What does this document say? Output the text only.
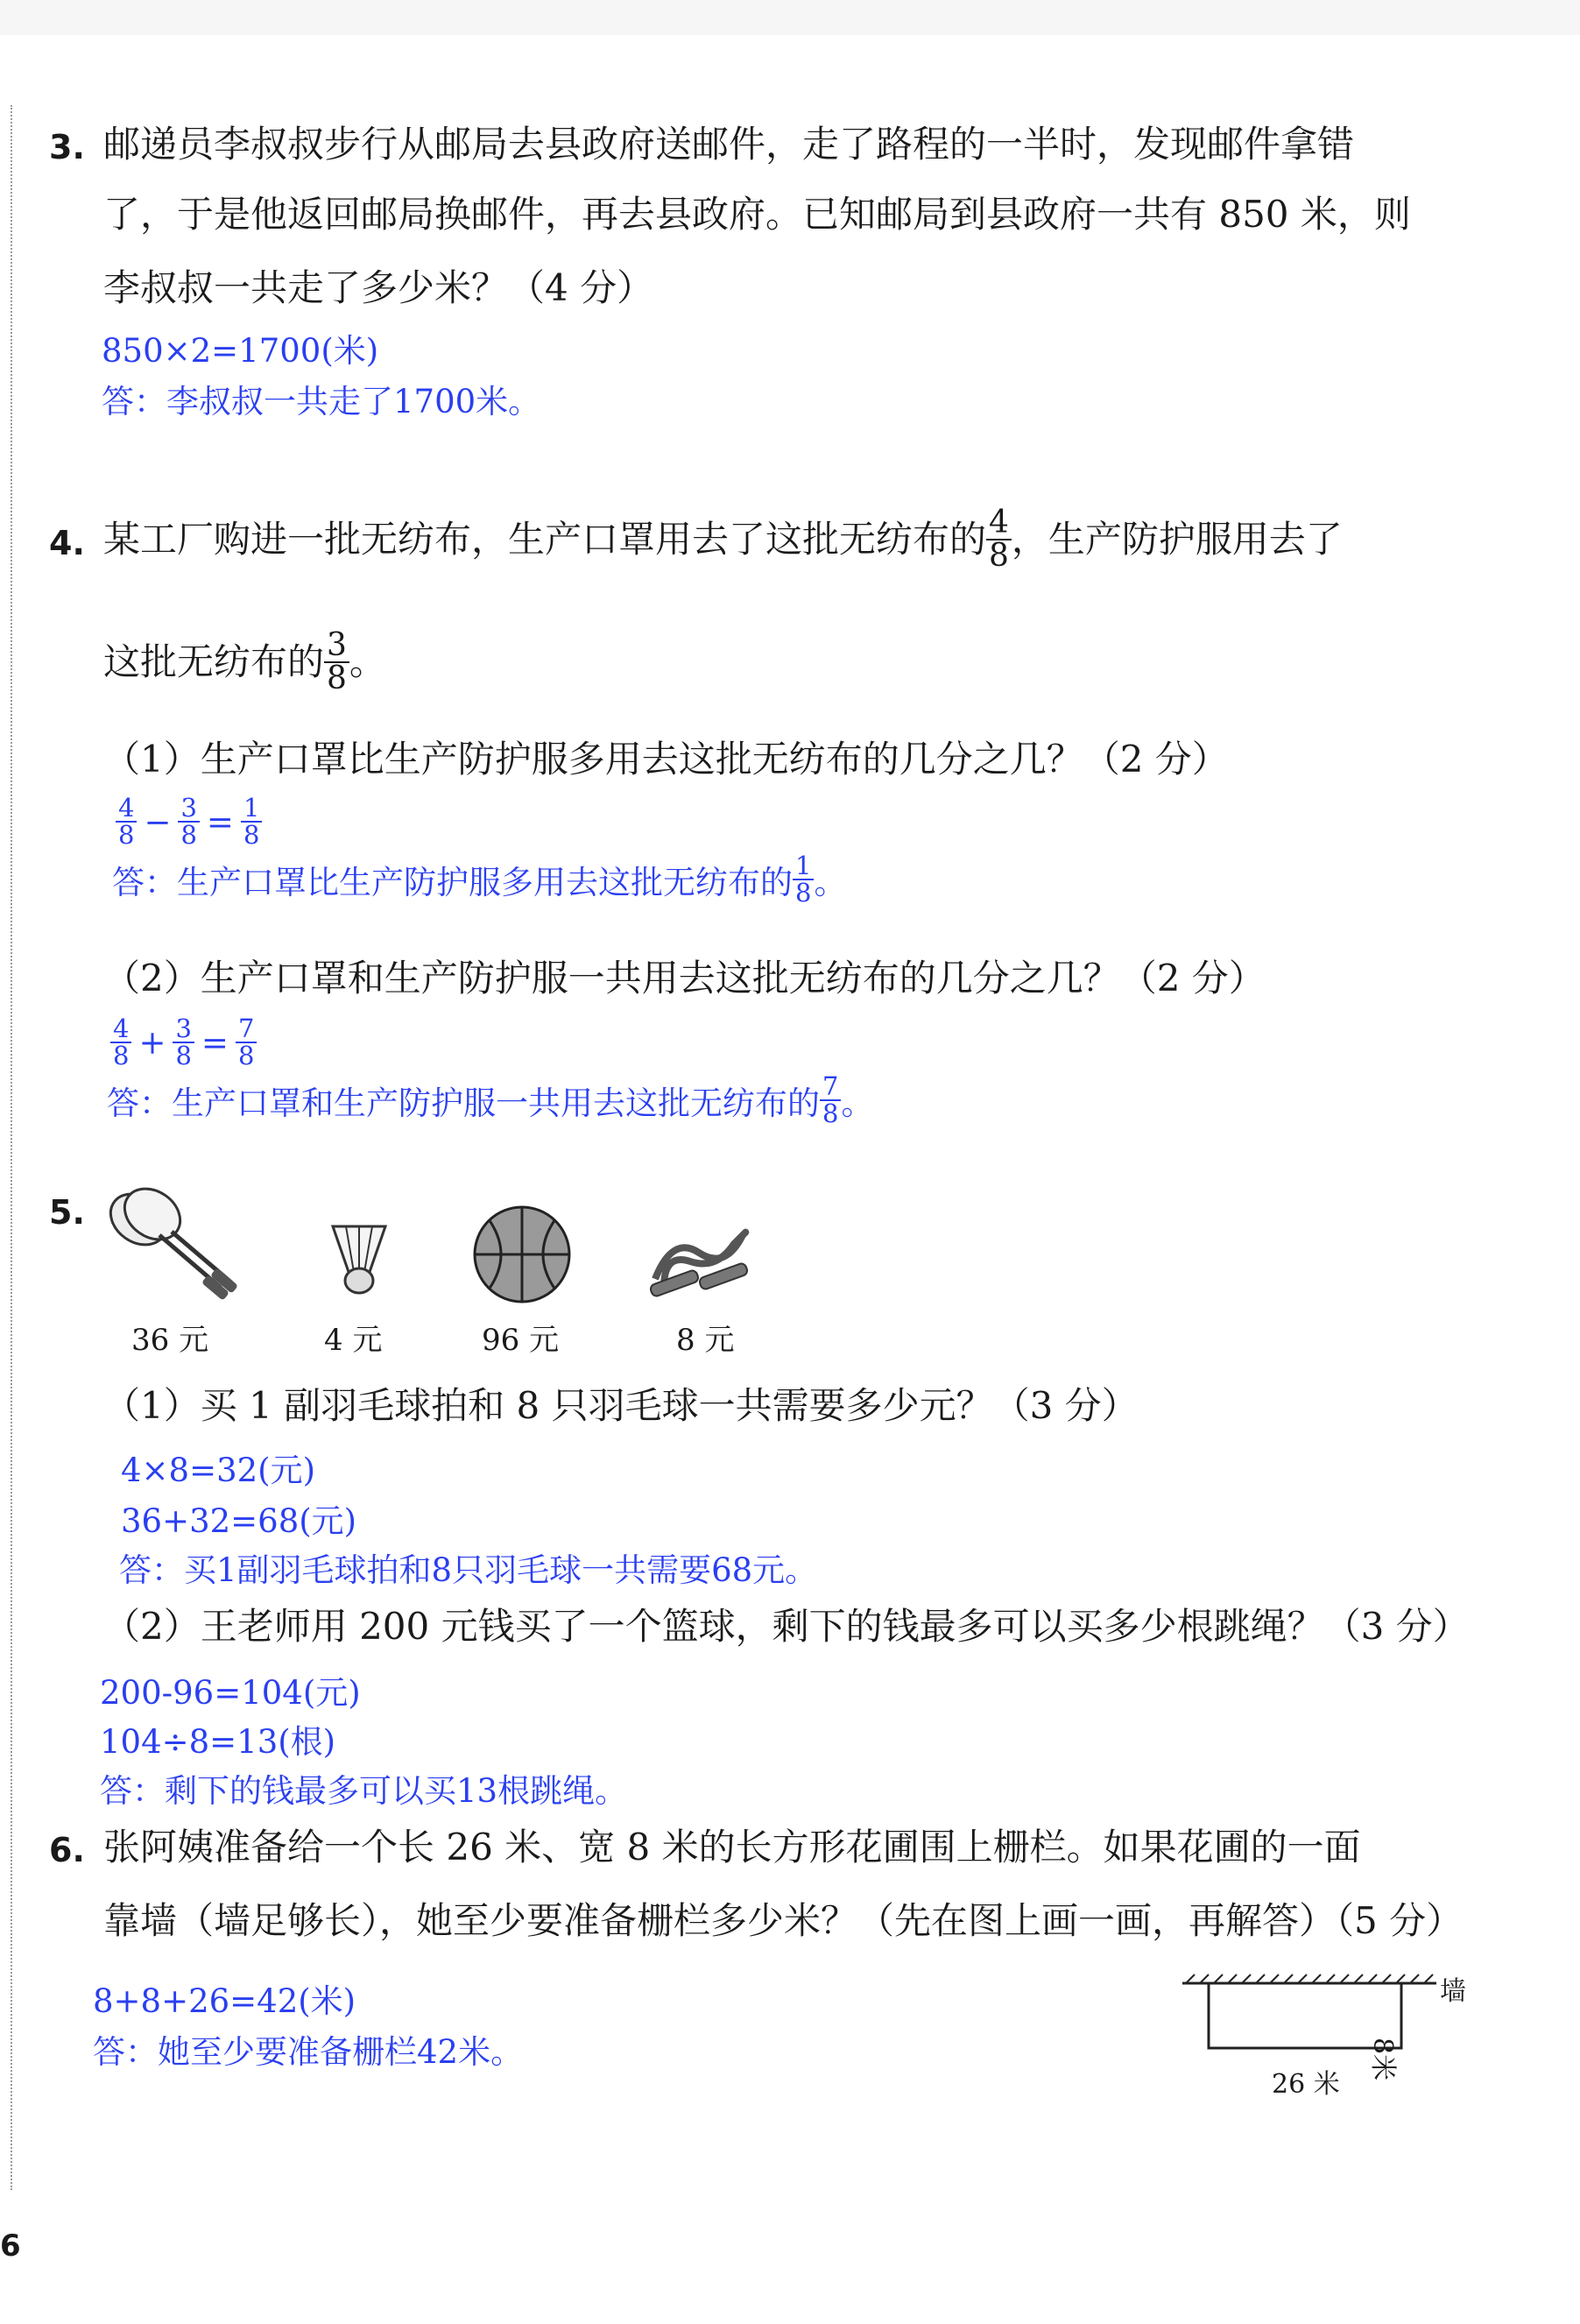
3. 邮递员李叔叔步行从邮局去县政府送邮件，走了路程的一半时，发现邮件拿错
了，于是他返回邮局换邮件，再去县政府。已知邮局到县政府一共有 850 米，则
李叔叔一共走了多少米？（4 分）
850×2=1700(米)
答：李叔叔一共走了1700米。
4. 某工厂购进一批无纺布，生产口罩用去了这批无纺布的 $\frac{4}{8}$ ，生产防护服用去了
这批无纺布的 $\frac{3}{8}$ 。
（1）生产口罩比生产防护服多用去这批无纺布的几分之几？（2 分）
$\frac{4}{8} - \frac{3}{8} = \frac{1}{8}$
答：生产口罩比生产防护服多用去这批无纺布的 $\frac{1}{8}$ 。
（2）生产口罩和生产防护服一共用去这批无纺布的几分之几？（2 分）
$\frac{4}{8} + \frac{3}{8} = \frac{7}{8}$
答：生产口罩和生产防护服一共用去这批无纺布的 $\frac{7}{8}$ 。
5.
36 元	4 元	96 元	8 元
（1）买 1 副羽毛球拍和 8 只羽毛球一共需要多少元？（3 分）
4×8=32(元)
36+32=68(元)
答：买1副羽毛球拍和8只羽毛球一共需要68元。
（2）王老师用 200 元钱买了一个篮球，剩下的钱最多可以买多少根跳绳？（3 分）
200-96=104(元)
104÷8=13(根)
答：剩下的钱最多可以买13根跳绳。
6. 张阿姨准备给一个长 26 米、宽 8 米的长方形花圃围上栅栏。如果花圃的一面
靠墙（墙足够长），她至少要准备栅栏多少米？（先在图上画一画，再解答）（5 分）
8+8+26=42(米)
答：她至少要准备栅栏42米。
墙
8米
26 米
6
